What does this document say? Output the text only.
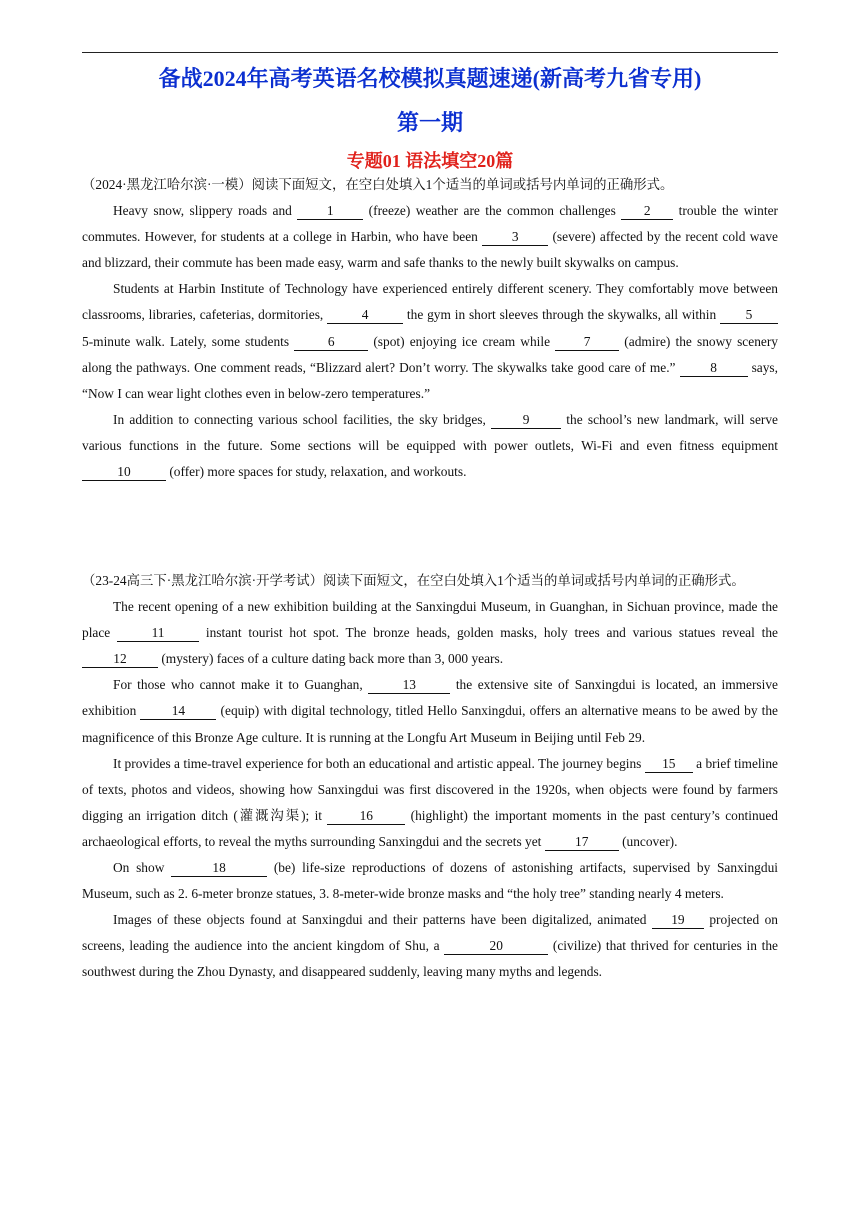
备战2024年高考英语名校模拟真题速递(新高考九省专用)
第一期
专题01 语法填空20篇
（2024·黑龙江哈尔滨·一模）阅读下面短文，在空白处填入1个适当的单词或括号内单词的正确形式。

Heavy snow, slippery roads and 1 (freeze) weather are the common challenges 2 trouble the winter commutes. However, for students at a college in Harbin, who have been 3 (severe) affected by the recent cold wave and blizzard, their commute has been made easy, warm and safe thanks to the newly built skywalks on campus.

Students at Harbin Institute of Technology have experienced entirely different scenery. They comfortably move between classrooms, libraries, cafeterias, dormitories,	4	the gym in short sleeves through the skywalks, all within 5 5-minute walk. Lately, some students	6	(spot) enjoying ice cream while 7 (admire) the snowy scenery along the pathways. One comment reads, “Blizzard alert? Don’t worry. The skywalks take good care of me.” 8 says, “Now I can wear light clothes even in below-zero temperatures.”

In addition to connecting various school facilities, the sky bridges, 9 the school’s new landmark, will serve various functions in the future. Some sections will be equipped with power outlets, Wi-Fi and even fitness equipment 10	(offer) more spaces for study, relaxation, and workouts.

（23-24高三下·黑龙江哈尔滨·开学考试）阅读下面短文，在空白处填入1个适当的单词或括号内单词的正确形式。

The recent opening of a new exhibition building at the Sanxingdui Museum, in Guanghan, in Sichuan province, made the place	11	instant tourist hot spot. The bronze heads, golden masks, holy trees and various statues reveal the 12 (mystery) faces of a culture dating back more than 3, 000 years.

For those who cannot make it to Guanghan,	13	the extensive site of Sanxingdui is located, an immersive exhibition 14 (equip) with digital technology, titled Hello Sanxingdui, offers an alternative means to be awed by the magnificence of this Bronze Age culture. It is running at the Longfu Art Museum in Beijing until Feb 29.

It provides a time-travel experience for both an educational and artistic appeal. The journey begins 15 a brief timeline of texts, photos and videos, showing how Sanxingdui was first discovered in the 1920s, when objects were found by farmers digging an irrigation ditch (灌溉沟渠); it 16 (highlight) the important moments in the past century’s continued archaeological efforts, to reveal the myths surrounding Sanxingdui and the secrets yet 17 (uncover).

On show	18	(be) life-size reproductions of dozens of astonishing artifacts, supervised by Sanxingdui Museum, such as 2. 6-meter bronze statues, 3. 8-meter-wide bronze masks and “the holy tree” standing nearly 4 meters.

Images of these objects found at Sanxingdui and their patterns have been digitalized, animated 19 projected on screens, leading the audience into the ancient kingdom of Shu, a	20	(civilize) that thrived for centuries in the southwest during the Zhou Dynasty, and disappeared suddenly, leaving many myths and legends.
